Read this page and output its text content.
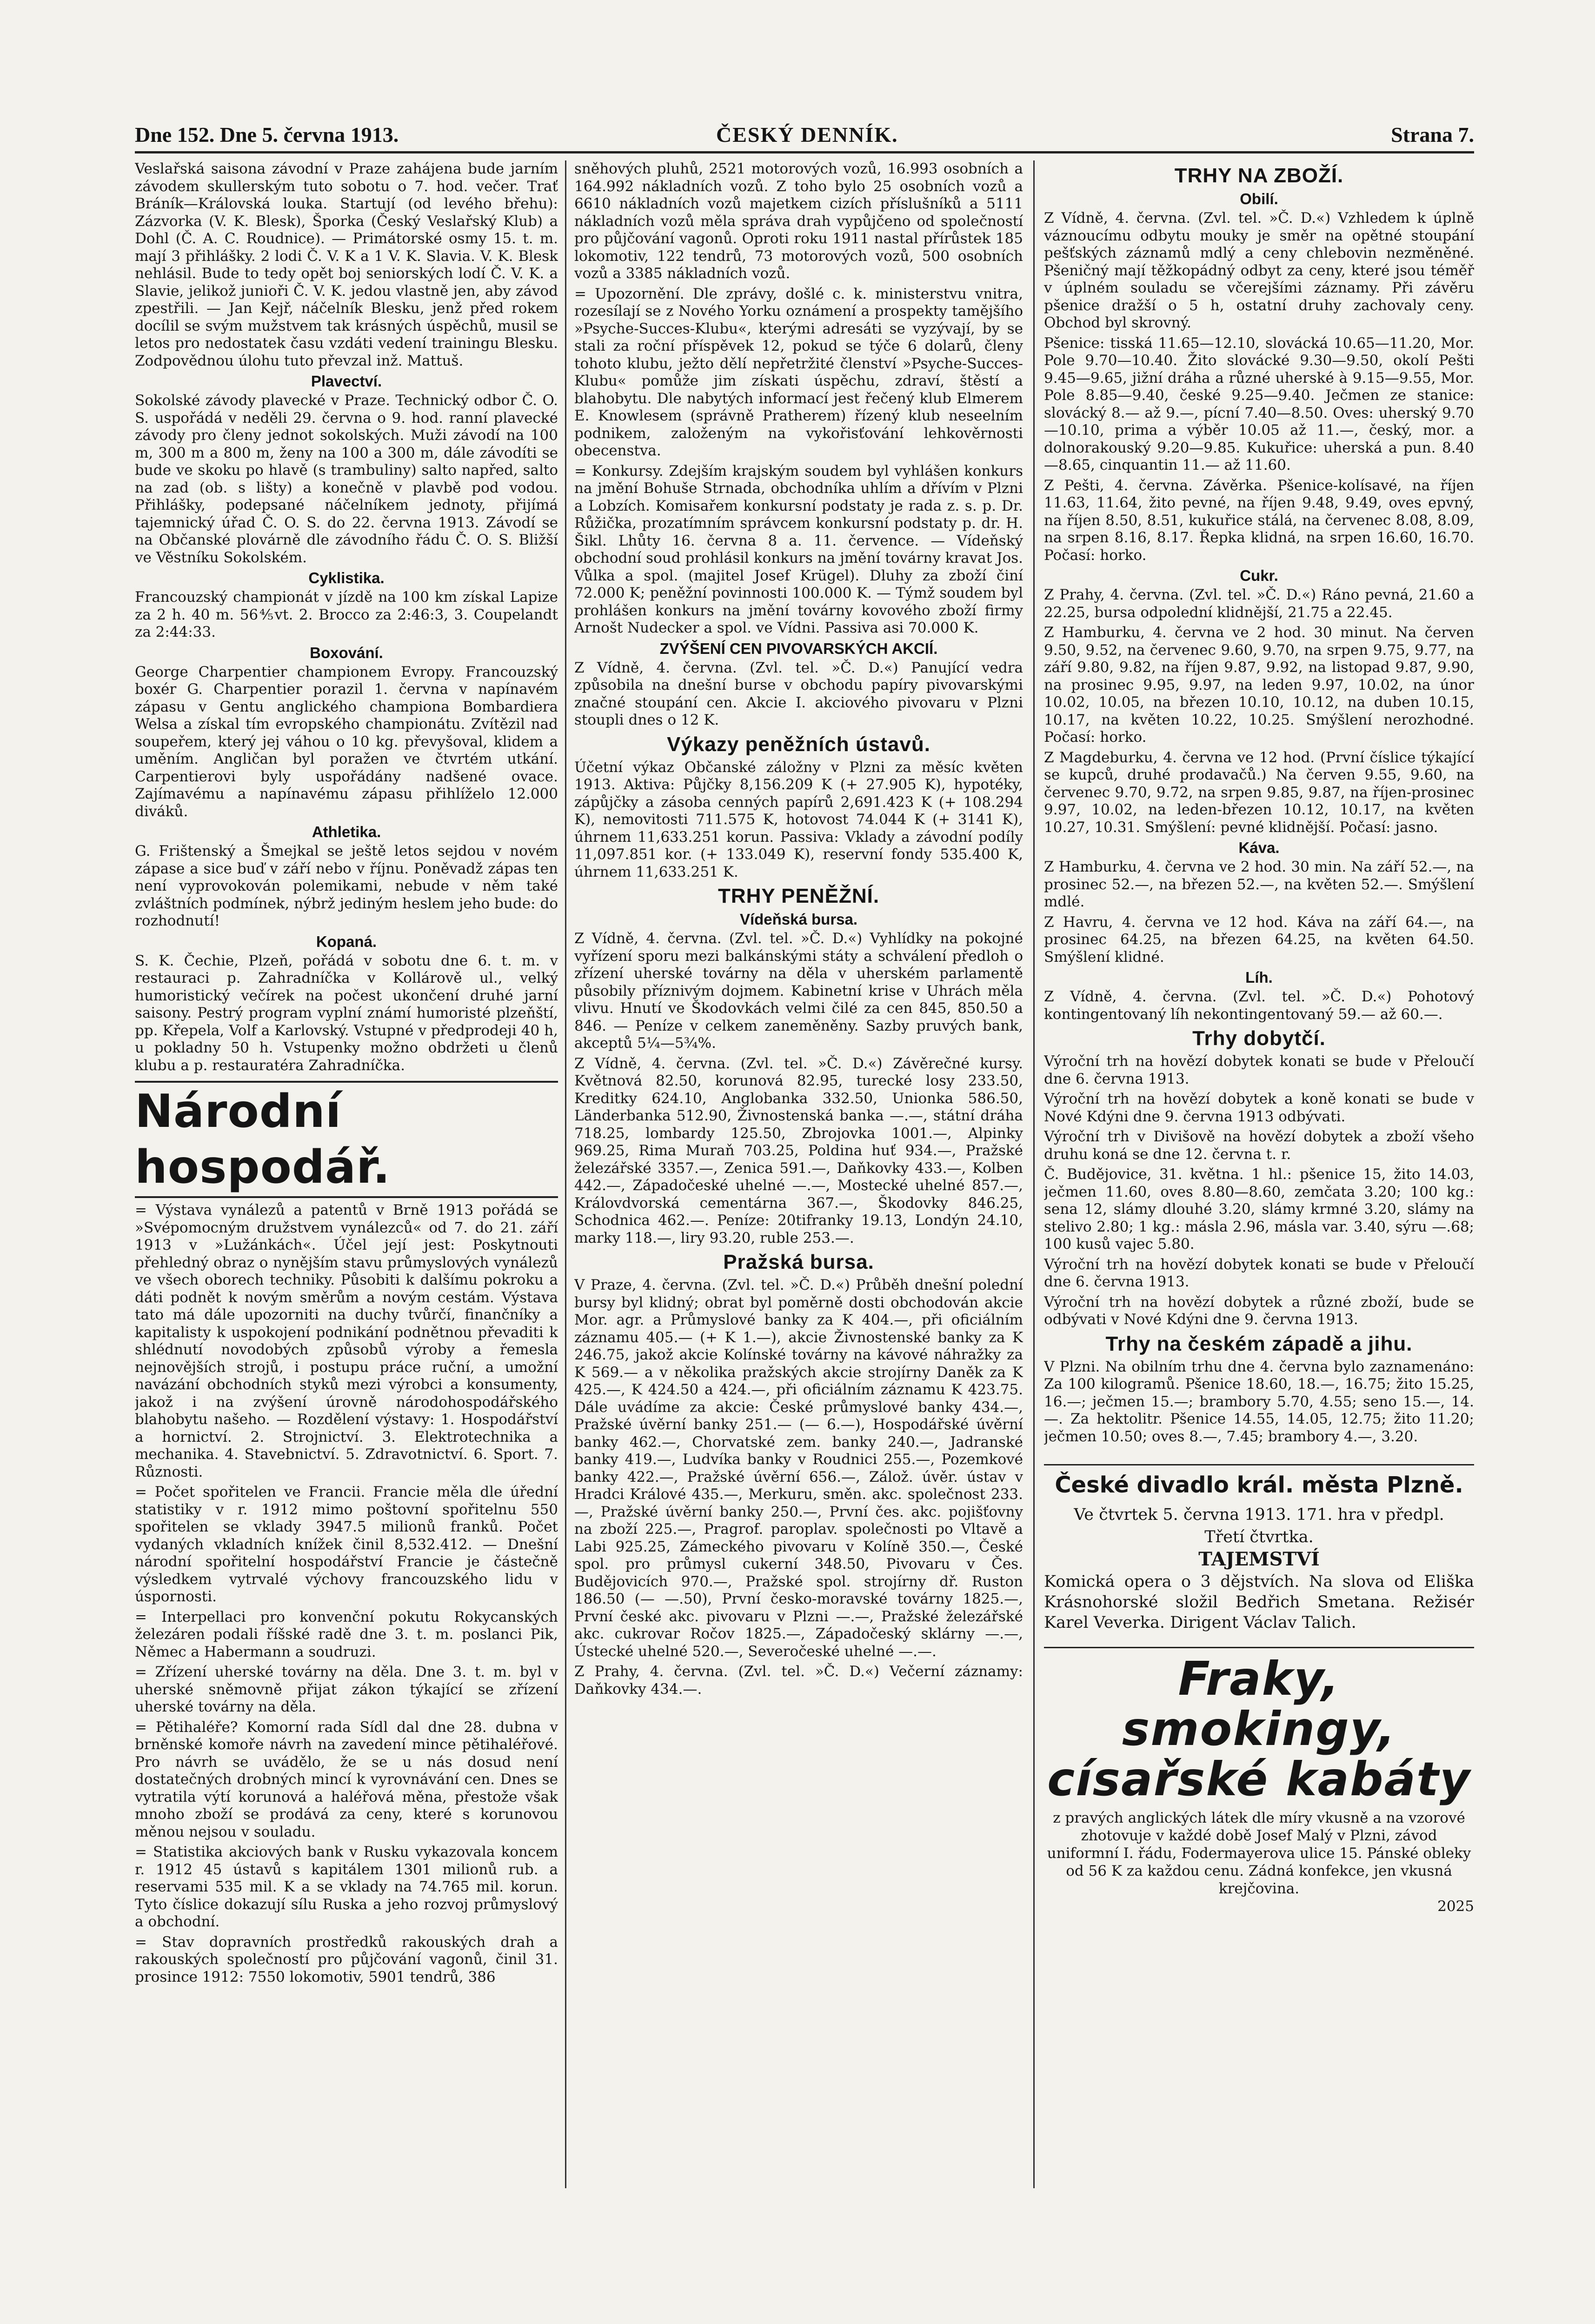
Dne 152. Dne 5. června 1913.	ČESKÝ DENNÍK.	Strana 7.

Veslařská saisona závodní v Praze zahájena bude jarním závodem skullerským tuto sobotu o 7. hod. večer. Trať Bráník—Královská louka. Startují (od levého břehu): Zázvorka (V. K. Blesk), Šporka (Český Veslařský Klub) a Dohl (Č. A. C. Roudnice). — Primátorské osmy 15. t. m. mají 3 přihlášky. 2 lodi Č. V. K a 1 V. K. Slavia. V. K. Blesk nehlásil. Bude to tedy opět boj seniorských lodí Č. V. K. a Slavie, jelikož junioři Č. V. K. jedou vlastně jen, aby závod zpestřili. — Jan Kejř, náčelník Blesku, jenž před rokem docílil se svým mužstvem tak krásných úspěchů, musil se letos pro nedostatek času vzdáti vedení trainingu Blesku. Zodpovědnou úlohu tuto převzal inž. Mattuš.

Plavectví.

Sokolské závody plavecké v Praze. Technický odbor Č. O. S. uspořádá v neděli 29. června o 9. hod. ranní plavecké závody pro členy jednot sokolských. Muži závodí na 100 m, 300 m a 800 m, ženy na 100 a 300 m, dále závodíti se bude ve skoku po hlavě (s trambuliny) salto napřed, salto na zad (ob. s lišty) a konečně v plavbě pod vodou. Přihlášky, podepsané náčelníkem jednoty, přijímá tajemnický úřad Č. O. S. do 22. června 1913. Závodí se na Občanské plovárně dle závodního řádu Č. O. S. Bližší ve Věstníku Sokolském.

Cyklistika.

Francouzský championát v jízdě na 100 km získal Lapize za 2 h. 40 m. 56⅘vt. 2. Brocco za 2:46:3, 3. Coupelandt za 2:44:33.

Boxování.

George Charpentier championem Evropy. Francouzský boxér G. Charpentier porazil 1. června v napínavém zápasu v Gentu anglického championa Bombardiera Welsa a získal tím evropského championátu. Zvítězil nad soupeřem, který jej váhou o 10 kg. převyšoval, klidem a uměním. Angličan byl poražen ve čtvrtém utkání. Carpentierovi byly uspořádány nadšené ovace. Zajímavému a napínavému zápasu přihlíželo 12.000 diváků.

Athletika.

G. Frištenský a Šmejkal se ještě letos sejdou v novém zápase a sice buď v září nebo v říjnu. Poněvadž zápas ten není vyprovokován polemikami, nebude v něm také zvláštních podmínek, nýbrž jediným heslem jeho bude: do rozhodnutí!

Kopaná.

S. K. Čechie, Plzeň, pořádá v sobotu dne 6. t. m. v restauraci p. Zahradníčka v Kollárově ul., velký humoristický večírek na počest ukončení druhé jarní saisony. Pestrý program vyplní známí humoristé plzeňští, pp. Křepela, Volf a Karlovský. Vstupné v předprodeji 40 h, u pokladny 50 h. Vstupenky možno obdržeti u členů klubu a p. restauratéra Zahradníčka.

Národní hospodář.

= Výstava vynálezů a patentů v Brně 1913 pořádá se »Svépomocným družstvem vynálezců« od 7. do 21. září 1913 v »Lužánkách«. Účel její jest: Poskytnouti přehledný obraz o nynějším stavu průmyslových vynálezů ve všech oborech techniky. Působiti k dalšímu pokroku a dáti podnět k novým směrům a novým cestám. Výstava tato má dále upozorniti na duchy tvůrčí, finančníky a kapitalisty k uspokojení podnikání podnětnou převaditi k shlédnutí novodobých způsobů výroby a řemesla nejnovějších strojů, i postupu práce ruční, a umožní navázání obchodních styků mezi výrobci a konsumenty, jakož i na zvýšení úrovně národohospodářského blahobytu našeho. — Rozdělení výstavy: 1. Hospodářství a hornictví. 2. Strojnictví. 3. Elektrotechnika a mechanika. 4. Stavebnictví. 5. Zdravotnictví. 6. Sport. 7. Různosti.

= Počet spořitelen ve Francii. Francie měla dle úřední statistiky v r. 1912 mimo poštovní spořitelnu 550 spořitelen se vklady 3947.5 milionů franků. Počet vydaných vkladních knížek činil 8,532.412. — Dnešní národní spořitelní hospodářství Francie je částečně výsledkem vytrvalé výchovy francouzského lidu v úspornosti.

= Interpellaci pro konvenční pokutu Rokycanských železáren podali říšské radě dne 3. t. m. poslanci Pik, Němec a Habermann a soudruzi.

= Zřízení uherské továrny na děla. Dne 3. t. m. byl v uherské sněmovně přijat zákon týkající se zřízení uherské továrny na děla.

= Pětihaléře? Komorní rada Sídl dal dne 28. dubna v brněnské komoře návrh na zavedení mince pětihaléřové. Pro návrh se uvádělo, že se u nás dosud není dostatečných drobných mincí k vyrovnávání cen. Dnes se vytratila výtí korunová a haléřová měna, přestože však mnoho zboží se prodává za ceny, které s korunovou měnou nejsou v souladu.

= Statistika akciových bank v Rusku vykazovala koncem r. 1912 45 ústavů s kapitálem 1301 milionů rub. a reservami 535 mil. K a se vklady na 74.765 mil. korun. Tyto číslice dokazují sílu Ruska a jeho rozvoj průmyslový a obchodní.

= Stav dopravních prostředků rakouských drah a rakouských společností pro půjčování vagonů, činil 31. prosince 1912: 7550 lokomotiv, 5901 tendrů, 386

sněhových pluhů, 2521 motorových vozů, 16.993 osobních a 164.992 nákladních vozů. Z toho bylo 25 osobních vozů a 6610 nákladních vozů majetkem cizích příslušníků a 5111 nákladních vozů měla správa drah vypůjčeno od společností pro půjčování vagonů. Oproti roku 1911 nastal přírůstek 185 lokomotiv, 122 tendrů, 73 motorových vozů, 500 osobních vozů a 3385 nákladních vozů.

= Upozornění. Dle zprávy, došlé c. k. ministerstvu vnitra, rozesílají se z Nového Yorku oznámení a prospekty tamějšího »Psyche-Succes-Klubu«, kterými adresáti se vyzývají, by se stali za roční příspěvek 12, pokud se týče 6 dolarů, členy tohoto klubu, ježto dělí nepřetržité členství »Psyche-Succes-Klubu« pomůže jim získati úspěchu, zdraví, štěstí a blahobytu. Dle nabytých informací jest řečený klub Elmerem E. Knowlesem (správně Pratherem) řízený klub neseelním podnikem, založeným na vykořisťování lehkověrnosti obecenstva.

= Konkursy. Zdejším krajským soudem byl vyhlášen konkurs na jmění Bohuše Strnada, obchodníka uhlím a dřívím v Plzni a Lobzích. Komisařem konkursní podstaty je rada z. s. p. Dr. Růžička, prozatímním správcem konkursní podstaty p. dr. H. Šikl. Lhůty 16. června 8 a. 11. července. — Vídeňský obchodní soud prohlásil konkurs na jmění továrny kravat Jos. Vůlka a spol. (majitel Josef Krügel). Dluhy za zboží činí 72.000 K; peněžní povinnosti 100.000 K. — Týmž soudem byl prohlášen konkurs na jmění továrny kovového zboží firmy Arnošt Nudecker a spol. ve Vídni. Passiva asi 70.000 K.

ZVÝŠENÍ CEN PIVOVARSKÝCH AKCIÍ.

Z Vídně, 4. června. (Zvl. tel. »Č. D.«) Panující vedra způsobila na dnešní burse v obchodu papíry pivovarskými značné stoupání cen. Akcie I. akciového pivovaru v Plzni stoupli dnes o 12 K.

Výkazy peněžních ústavů.

Účetní výkaz Občanské záložny v Plzni za měsíc květen 1913. Aktiva: Půjčky 8,156.209 K (+ 27.905 K), hypotéky, zápůjčky a zásoba cenných papírů 2,691.423 K (+ 108.294 K), nemovitosti 711.575 K, hotovost 74.044 K (+ 3141 K), úhrnem 11,633.251 korun. Passiva: Vklady a závodní podíly 11,097.851 kor. (+ 133.049 K), reservní fondy 535.400 K, úhrnem 11,633.251 K.

TRHY PENĚŽNÍ.
Vídeňská bursa.

Z Vídně, 4. června. (Zvl. tel. »Č. D.«) Vyhlídky na pokojné vyřízení sporu mezi balkánskými státy a schválení předloh o zřízení uherské továrny na děla v uherském parlamentě působily příznivým dojmem. Kabinetní krise v Uhrách měla vlivu. Hnutí ve Škodovkách velmi čilé za cen 845, 850.50 a 846. — Peníze v celkem zaneměněny. Sazby pruvých bank, akceptů 5¼—5¾%.

Z Vídně, 4. června. (Zvl. tel. »Č. D.«) Závěrečné kursy. Květnová 82.50, korunová 82.95, turecké losy 233.50, Kreditky 624.10, Anglobanka 332.50, Unionka 586.50, Länderbanka 512.90, Živnostenská banka —.—, státní dráha 718.25, lombardy 125.50, Zbrojovka 1001.—, Alpinky 969.25, Rima Muraň 703.25, Poldina huť 934.—, Pražské železářské 3357.—, Zenica 591.—, Daňkovky 433.—, Kolben 442.—, Západočeské uhelné —.—, Mostecké uhelné 857.—, Královdvorská cementárna 367.—, Škodovky 846.25, Schodnica 462.—. Peníze: 20tifranky 19.13, Londýn 24.10, marky 118.—, liry 93.20, ruble 253.—.

Pražská bursa.

V Praze, 4. června. (Zvl. tel. »Č. D.«) Průběh dnešní polední bursy byl klidný; obrat byl poměrně dosti obchodován akcie Mor. agr. a Průmyslové banky za K 404.—, při oficiálním záznamu 405.— (+ K 1.—), akcie Živnostenské banky za K 246.75, jakož akcie Kolínské továrny na kávové náhražky za K 569.— a v několika pražských akcie strojírny Daněk za K 425.—, K 424.50 a 424.—, při oficiálním záznamu K 423.75. Dále uvádíme za akcie: České průmyslové banky 434.—, Pražské úvěrní banky 251.— (— 6.—), Hospodářské úvěrní banky 462.—, Chorvatské zem. banky 240.—, Jadranské banky 419.—, Ludvíka banky v Roudnici 255.—, Pozemkové banky 422.—, Pražské úvěrní 656.—, Zálož. úvěr. ústav v Hradci Králové 435.—, Merkuru, směn. akc. společnost 233.—, Pražské úvěrní banky 250.—, První čes. akc. pojišťovny na zboží 225.—, Pragrof. paroplav. společnosti po Vltavě a Labi 925.25, Zámeckého pivovaru v Kolíně 350.—, České spol. pro průmysl cukerní 348.50, Pivovaru v Čes. Budějovicích 970.—, Pražské spol. strojírny dř. Ruston 186.50 (— —.50), První česko-moravské továrny 1825.—, První české akc. pivovaru v Plzni —.—, Pražské železářské akc. cukrovar Ročov 1825.—, Západočeský sklárny —.—, Ústecké uhelné 520.—, Severočeské uhelné —.—.

Z Prahy, 4. června. (Zvl. tel. »Č. D.«) Večerní záznamy: Daňkovky 434.—.

TRHY NA ZBOŽÍ.
Obilí.

Z Vídně, 4. června. (Zvl. tel. »Č. D.«) Vzhledem k úplně váznoucímu odbytu mouky je směr na opětné stoupání pešťských záznamů mdlý a ceny chlebovin nezměněné. Pšeničný mají těžkopádný odbyt za ceny, které jsou téměř v úplném souladu se včerejšími záznamy. Při závěru pšenice dražší o 5 h, ostatní druhy zachovaly ceny. Obchod byl skrovný.

Pšenice: tisská 11.65—12.10, slovácká 10.65—11.20, Mor. Pole 9.70—10.40. Žito slovácké 9.30—9.50, okolí Pešti 9.45—9.65, jižní dráha a různé uherské à 9.15—9.55, Mor. Pole 8.85—9.40, české 9.25—9.40. Ječmen ze stanice: slovácký 8.— až 9.—, pícní 7.40—8.50. Oves: uherský 9.70—10.10, prima a výběr 10.05 až 11.—, český, mor. a dolnorakouský 9.20—9.85. Kukuřice: uherská a pun. 8.40—8.65, cinquantin 11.— až 11.60.

Z Pešti, 4. června. Závěrka. Pšenice-kolísavé, na říjen 11.63, 11.64, žito pevné, na říjen 9.48, 9.49, oves epvný, na říjen 8.50, 8.51, kukuřice stálá, na červenec 8.08, 8.09, na srpen 8.16, 8.17. Řepka klidná, na srpen 16.60, 16.70. Počasí: horko.

Cukr.

Z Prahy, 4. června. (Zvl. tel. »Č. D.«) Ráno pevná, 21.60 a 22.25, bursa odpolední klidnější, 21.75 a 22.45.

Z Hamburku, 4. června ve 2 hod. 30 minut. Na červen 9.50, 9.52, na červenec 9.60, 9.70, na srpen 9.75, 9.77, na září 9.80, 9.82, na říjen 9.87, 9.92, na listopad 9.87, 9.90, na prosinec 9.95, 9.97, na leden 9.97, 10.02, na únor 10.02, 10.05, na březen 10.10, 10.12, na duben 10.15, 10.17, na květen 10.22, 10.25. Smýšlení nerozhodné. Počasí: horko.

Z Magdeburku, 4. června ve 12 hod. (První číslice týkající se kupců, druhé prodavačů.) Na červen 9.55, 9.60, na červenec 9.70, 9.72, na srpen 9.85, 9.87, na říjen-prosinec 9.97, 10.02, na leden-březen 10.12, 10.17, na květen 10.27, 10.31. Smýšlení: pevné klidnější. Počasí: jasno.

Káva.

Z Hamburku, 4. června ve 2 hod. 30 min. Na září 52.—, na prosinec 52.—, na březen 52.—, na květen 52.—. Smýšlení mdlé.

Z Havru, 4. června ve 12 hod. Káva na září 64.—, na prosinec 64.25, na březen 64.25, na květen 64.50. Smýšlení klidné.

Líh.

Z Vídně, 4. června. (Zvl. tel. »Č. D.«) Pohotový kontingentovaný líh nekontingentovaný 59.— až 60.—.

Trhy dobytčí.

Výroční trh na hovězí dobytek konati se bude v Přeloučí dne 6. června 1913.

Výroční trh na hovězí dobytek a koně konati se bude v Nové Kdýni dne 9. června 1913 odbývati.

Výroční trh v Divišově na hovězí dobytek a zboží všeho druhu koná se dne 12. června t. r.

Č. Budějovice, 31. května. 1 hl.: pšenice 15, žito 14.03, ječmen 11.60, oves 8.80—8.60, zemčata 3.20; 100 kg.: sena 12, slámy dlouhé 3.20, slámy krmné 3.20, slámy na stelivo 2.80; 1 kg.: másla 2.96, másla var. 3.40, sýru —.68; 100 kusů vajec 5.80.

Výroční trh na hovězí dobytek konati se bude v Přeloučí dne 6. června 1913.

Výroční trh na hovězí dobytek a různé zboží, bude se odbývati v Nové Kdýni dne 9. června 1913.

Trhy na českém západě a jihu.

V Plzni. Na obilním trhu dne 4. června bylo zaznamenáno: Za 100 kilogramů. Pšenice 18.60, 18.—, 16.75; žito 15.25, 16.—; ječmen 15.—; brambory 5.70, 4.55; seno 15.—, 14.—. Za hektolitr. Pšenice 14.55, 14.05, 12.75; žito 11.20; ječmen 10.50; oves 8.—, 7.45; brambory 4.—, 3.20.

České divadlo král. města Plzně.

Ve čtvrtek 5. června 1913. 171. hra v předpl.

Třetí čtvrtka.

TAJEMSTVÍ

Komická opera o 3 dějstvích. Na slova od Eliška Krásnohorské složil Bedřich Smetana. Režisér Karel Veverka. Dirigent Václav Talich.

Fraky, smokingy, císařské kabáty

z pravých anglických látek dle míry vkusně a na vzorové zhotovuje v každé době Josef Malý v Plzni, závod uniformní I. řádu, Fodermayerova ulice 15. Pánské obleky od 56 K za každou cenu. Zádná konfekce, jen vkusná krejčovina.
2025
